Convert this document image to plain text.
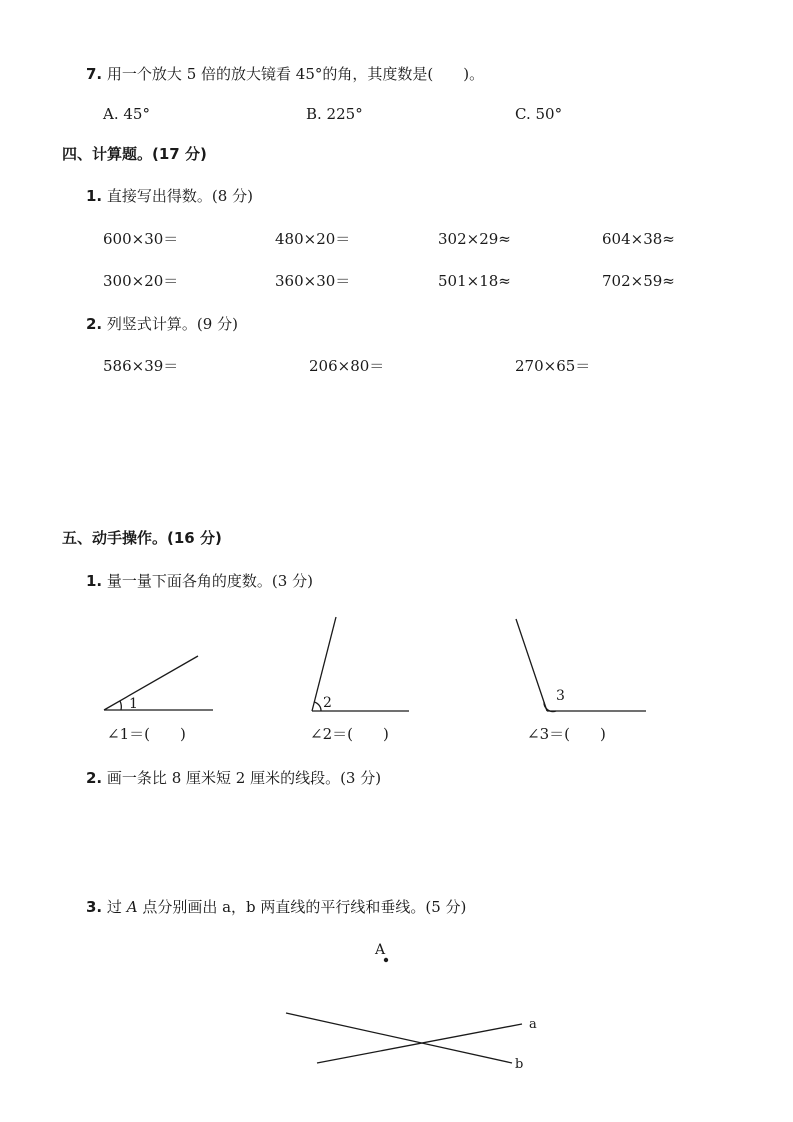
7. 用一个放大 5 倍的放大镜看 45°的角，其度数是(　　)。
A. 45°	B. 225°	C. 50°
四、计算题。(17 分)
1. 直接写出得数。(8 分)
600×30＝	480×20＝	302×29≈	604×38≈
300×20＝	360×30＝	501×18≈	702×59≈
2. 列竖式计算。(9 分)
586×39＝	206×80＝	270×65＝
五、动手操作。(16 分)
1. 量一量下面各角的度数。(3 分)
1	2	3
∠1＝(　　)	∠2＝(　　)	∠3＝(　　)
2. 画一条比 8 厘米短 2 厘米的线段。(3 分)
3. 过 A 点分别画出 a，b 两直线的平行线和垂线。(5 分)
A
a
b
